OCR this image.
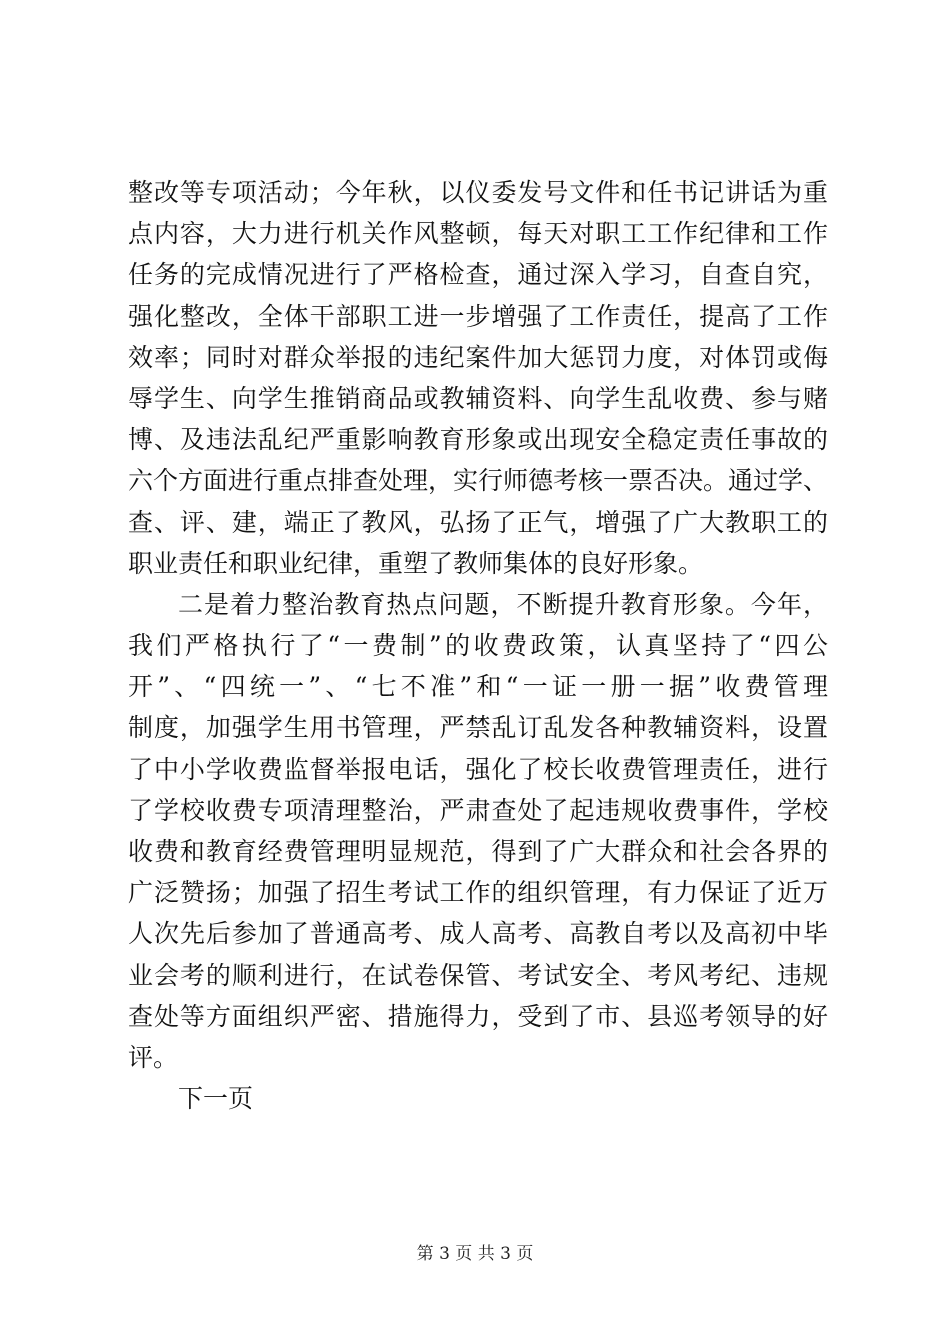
整改等专项活动；今年秋，以仪委发号文件和任书记讲话为重
点内容，大力进行机关作风整顿，每天对职工工作纪律和工作
任务的完成情况进行了严格检查，通过深入学习，自查自究，
强化整改，全体干部职工进一步增强了工作责任，提高了工作
效率；同时对群众举报的违纪案件加大惩罚力度，对体罚或侮
辱学生、向学生推销商品或教辅资料、向学生乱收费、参与赌
博、及违法乱纪严重影响教育形象或出现安全稳定责任事故的
六个方面进行重点排查处理，实行师德考核一票否决。通过学、
查、评、建，端正了教风，弘扬了正气，增强了广大教职工的
职业责任和职业纪律，重塑了教师集体的良好形象。
二是着力整治教育热点问题，不断提升教育形象。今年，
我们严格执行了“一费制”的收费政策，认真坚持了“四公
开”、“四统一”、“七不准”和“一证一册一据”收费管理
制度，加强学生用书管理，严禁乱订乱发各种教辅资料，设置
了中小学收费监督举报电话，强化了校长收费管理责任，进行
了学校收费专项清理整治，严肃查处了起违规收费事件，学校
收费和教育经费管理明显规范，得到了广大群众和社会各界的
广泛赞扬；加强了招生考试工作的组织管理，有力保证了近万
人次先后参加了普通高考、成人高考、高教自考以及高初中毕
业会考的顺利进行，在试卷保管、考试安全、考风考纪、违规
查处等方面组织严密、措施得力，受到了市、县巡考领导的好
评。
下一页
第 3 页 共 3 页
